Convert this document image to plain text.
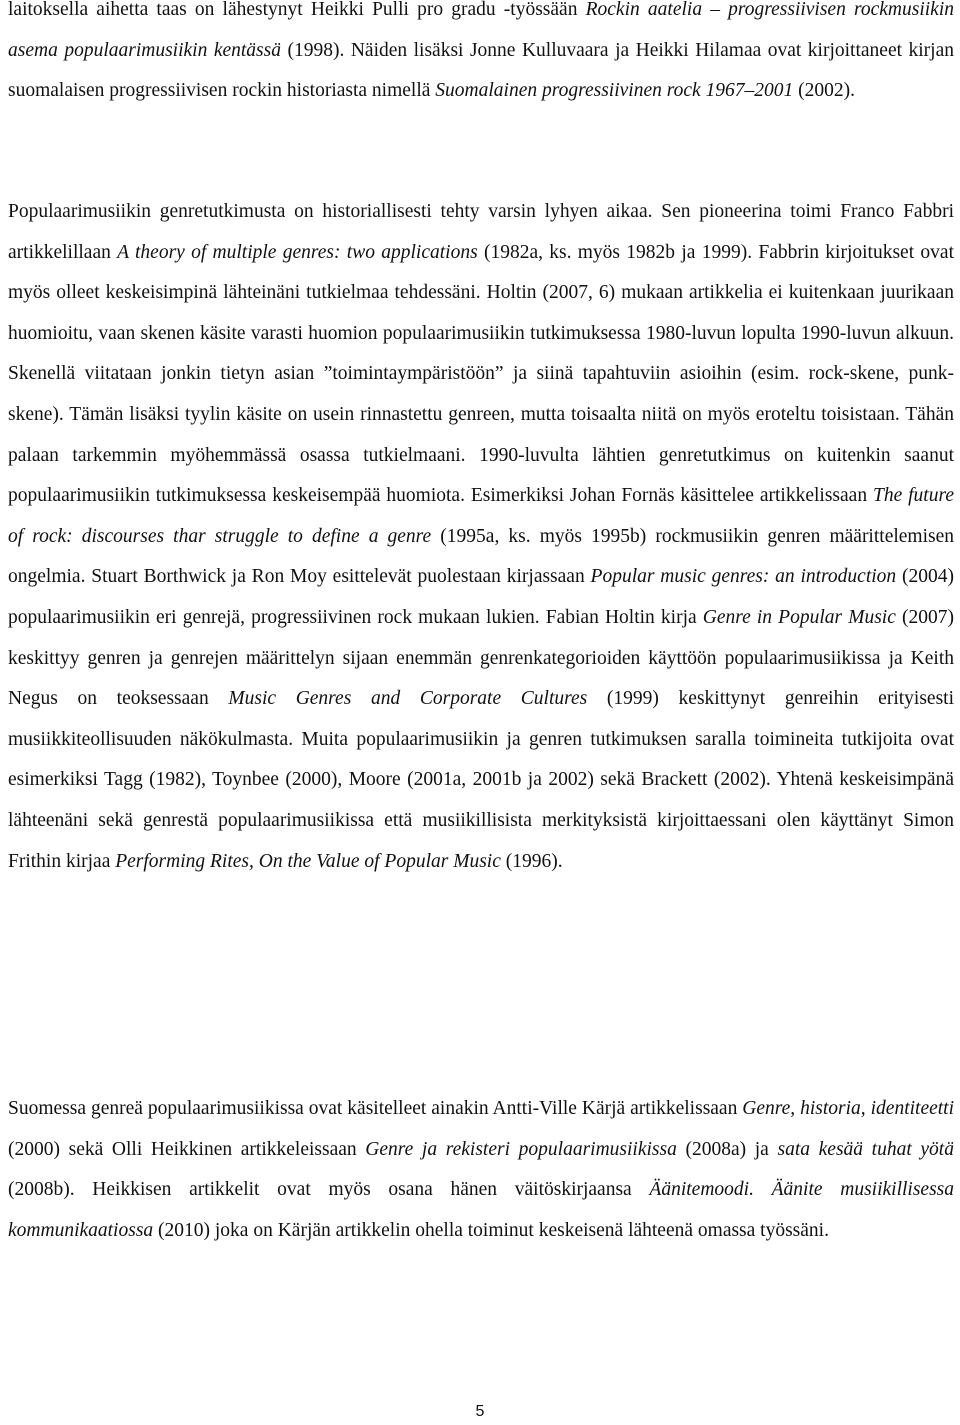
laitoksella aihetta taas on lähestynyt Heikki Pulli pro gradu -työssään Rockin aatelia – progressiivisen rockmusiikin asema populaarimusiikin kentässä (1998). Näiden lisäksi Jonne Kulluvaara ja Heikki Hilamaa ovat kirjoittaneet kirjan suomalaisen progressiivisen rockin historiasta nimellä Suomalainen progressiivinen rock 1967–2001 (2002).

Populaarimusiikin genretutkimusta on historiallisesti tehty varsin lyhyen aikaa. Sen pioneerina toimi Franco Fabbri artikkelillaan A theory of multiple genres: two applications (1982a, ks. myös 1982b ja 1999). Fabbrin kirjoitukset ovat myös olleet keskeisimpinä lähteinäni tutkielmaa tehdessäni. Holtin (2007, 6) mukaan artikkelia ei kuitenkaan juurikaan huomioitu, vaan skenen käsite varasti huomion populaarimusiikin tutkimuksessa 1980-luvun lopulta 1990-luvun alkuun. Skenellä viitataan jonkin tietyn asian ”toimintaympäristöön” ja siinä tapahtuviin asioihin (esim. rock-skene, punk-skene). Tämän lisäksi tyylin käsite on usein rinnastettu genreen, mutta toisaalta niitä on myös eroteltu toisistaan. Tähän palaan tarkemmin myöhemmässä osassa tutkielmaani. 1990-luvulta lähtien genretutkimus on kuitenkin saanut populaarimusiikin tutkimuksessa keskeisempää huomiota. Esimerkiksi Johan Fornäs käsittelee artikkelissaan The future of rock: discourses thar struggle to define a genre (1995a, ks. myös 1995b) rockmusiikin genren määrittelemisen ongelmia. Stuart Borthwick ja Ron Moy esittelevät puolestaan kirjassaan Popular music genres: an introduction (2004) populaarimusiikin eri genrejä, progressiivinen rock mukaan lukien. Fabian Holtin kirja Genre in Popular Music (2007) keskittyy genren ja genrejen määrittelyn sijaan enemmän genrenkategorioiden käyttöön populaarimusiikissa ja Keith Negus on teoksessaan Music Genres and Corporate Cultures (1999) keskittynyt genreihin erityisesti musiikkiteollisuuden näkökulmasta. Muita populaarimusiikin ja genren tutkimuksen saralla toimineita tutkijoita ovat esimerkiksi Tagg (1982), Toynbee (2000), Moore (2001a, 2001b ja 2002) sekä Brackett (2002). Yhtenä keskeisimpänä lähteenäni sekä genrestä populaarimusiikissa että musiikillisista merkityksistä kirjoittaessani olen käyttänyt Simon Frithin kirjaa Performing Rites, On the Value of Popular Music (1996).

Suomessa genreä populaarimusiikissa ovat käsitelleet ainakin Antti-Ville Kärjä artikkelissaan Genre, historia, identiteetti (2000) sekä Olli Heikkinen artikkeleissaan Genre ja rekisteri populaarimusiikissa (2008a) ja sata kesää tuhat yötä (2008b). Heikkisen artikkelit ovat myös osana hänen väitöskirjaansa Äänitemoodi. Äänite musiikillisessa kommunikaatiossa (2010) joka on Kärjän artikkelin ohella toiminut keskeisenä lähteenä omassa työssäni.

5
